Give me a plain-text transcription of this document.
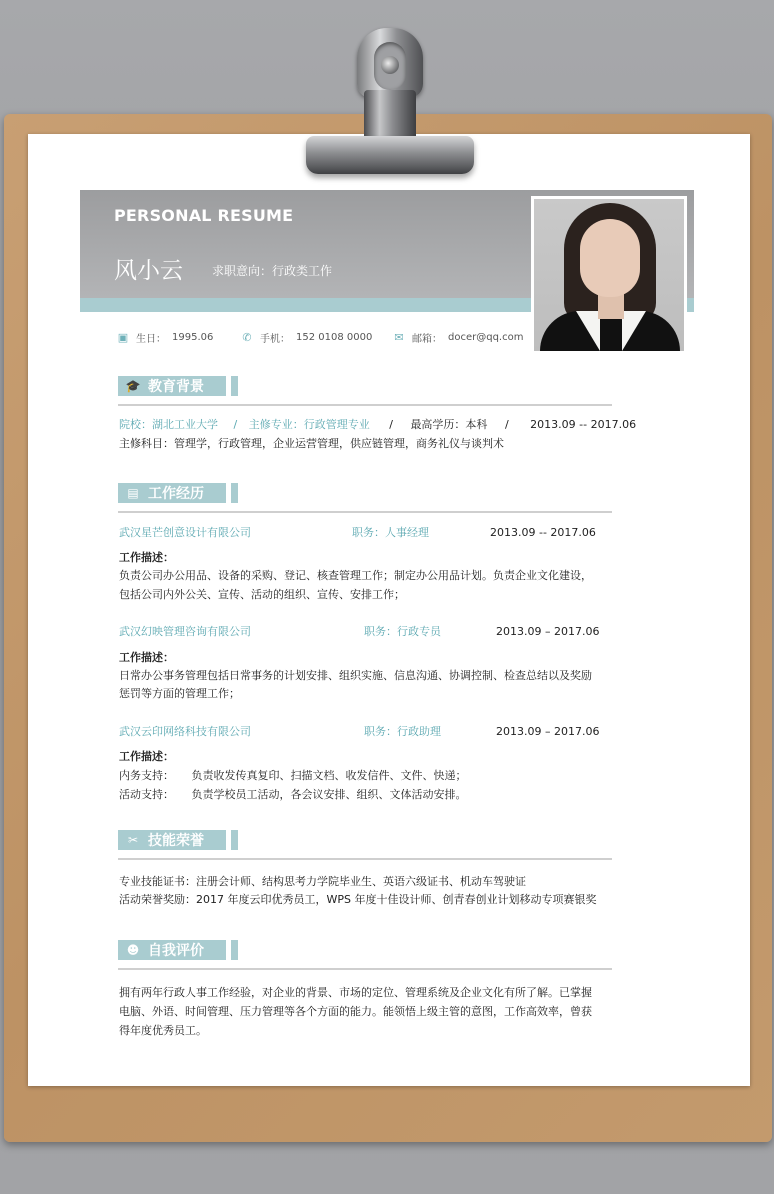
PERSONAL RESUME
风小云 求职意向：行政类工作
▣ 生日： 1995.06	✆ 手机： 152 0108 0000 ✉ 邮箱： docer@qq.com
🎓 教育背景
院校：湖北工业大学 / 主修专业：行政管理专业 / 最高学历：本科 / 2013.09 -- 2017.06
主修科目：管理学，行政管理，企业运营管理，供应链管理，商务礼仪与谈判术
▤ 工作经历
武汉星芒创意设计有限公司	职务：人事经理	2013.09 -- 2017.06
工作描述：
负责公司办公用品、设备的采购、登记、核查管理工作；制定办公用品计划。负责企业文化建设，
包括公司内外公关、宣传、活动的组织、宣传、安排工作；
武汉幻映管理咨询有限公司	职务：行政专员	2013.09 – 2017.06
工作描述：
日常办公事务管理包括日常事务的计划安排、组织实施、信息沟通、协调控制、检查总结以及奖励
惩罚等方面的管理工作；
武汉云印网络科技有限公司	职务：行政助理	2013.09 – 2017.06
工作描述：
内务支持：     负责收发传真复印、扫描文档、收发信件、文件、快递；
活动支持：     负责学校员工活动，各会议安排、组织、文体活动安排。
✂ 技能荣誉
专业技能证书：注册会计师、结构思考力学院毕业生、英语六级证书、机动车驾驶证
活动荣誉奖励：2017 年度云印优秀员工，WPS 年度十佳设计师、创青春创业计划移动专项赛银奖
☻ 自我评价
拥有两年行政人事工作经验，对企业的背景、市场的定位、管理系统及企业文化有所了解。已掌握
电脑、外语、时间管理、压力管理等各个方面的能力。能领悟上级主管的意图，工作高效率，曾获
得年度优秀员工。
